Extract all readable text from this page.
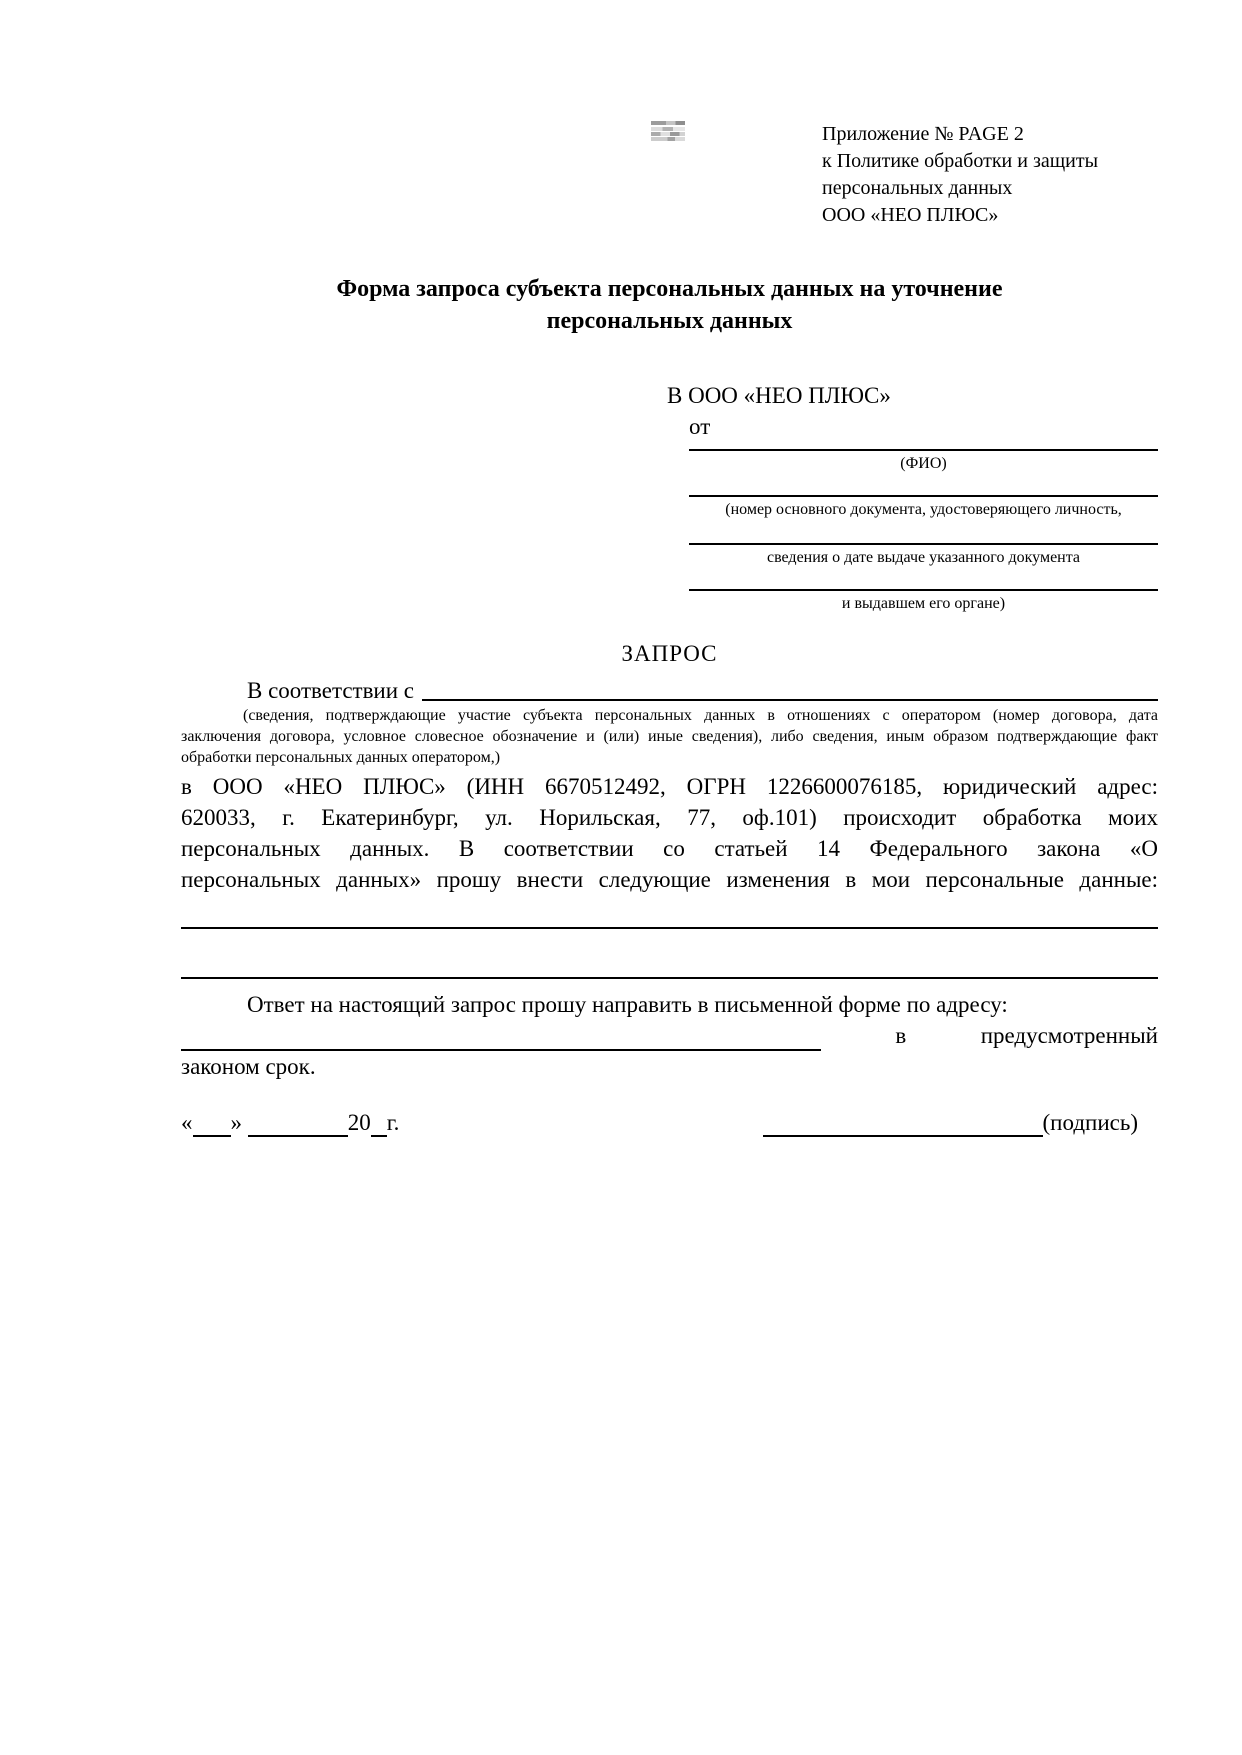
Приложение № PAGE 2
к Политике обработки и защиты
персональных данных
ООО «НЕО ПЛЮС»
Форма запроса субъекта персональных данных на уточнение
персональных данных
В ООО «НЕО ПЛЮС»
от
(ФИО)
(номер основного документа, удостоверяющего личность,
сведения о дате выдаче указанного документа
и выдавшем его органе)
ЗАПРОС
В соответствии с
(сведения, подтверждающие участие субъекта персональных данных в отношениях с оператором (номер договора, дата
заключения договора, условное словесное обозначение и (или) иные сведения), либо сведения, иным образом подтверждающие факт
обработки персональных данных оператором,)
в ООО «НЕО ПЛЮС» (ИНН 6670512492, ОГРН 1226600076185, юридический адрес:
620033, г. Екатеринбург, ул. Норильская, 77, оф.101) происходит обработка моих
персональных данных. В соответствии со статьей 14 Федерального закона «О
персональных данных» прошу внести следующие изменения в мои персональные данные:
Ответ на настоящий запрос прошу направить в письменной форме по адресу:
в	предусмотренный
законом срок.
« »	20 г.	(подпись)
